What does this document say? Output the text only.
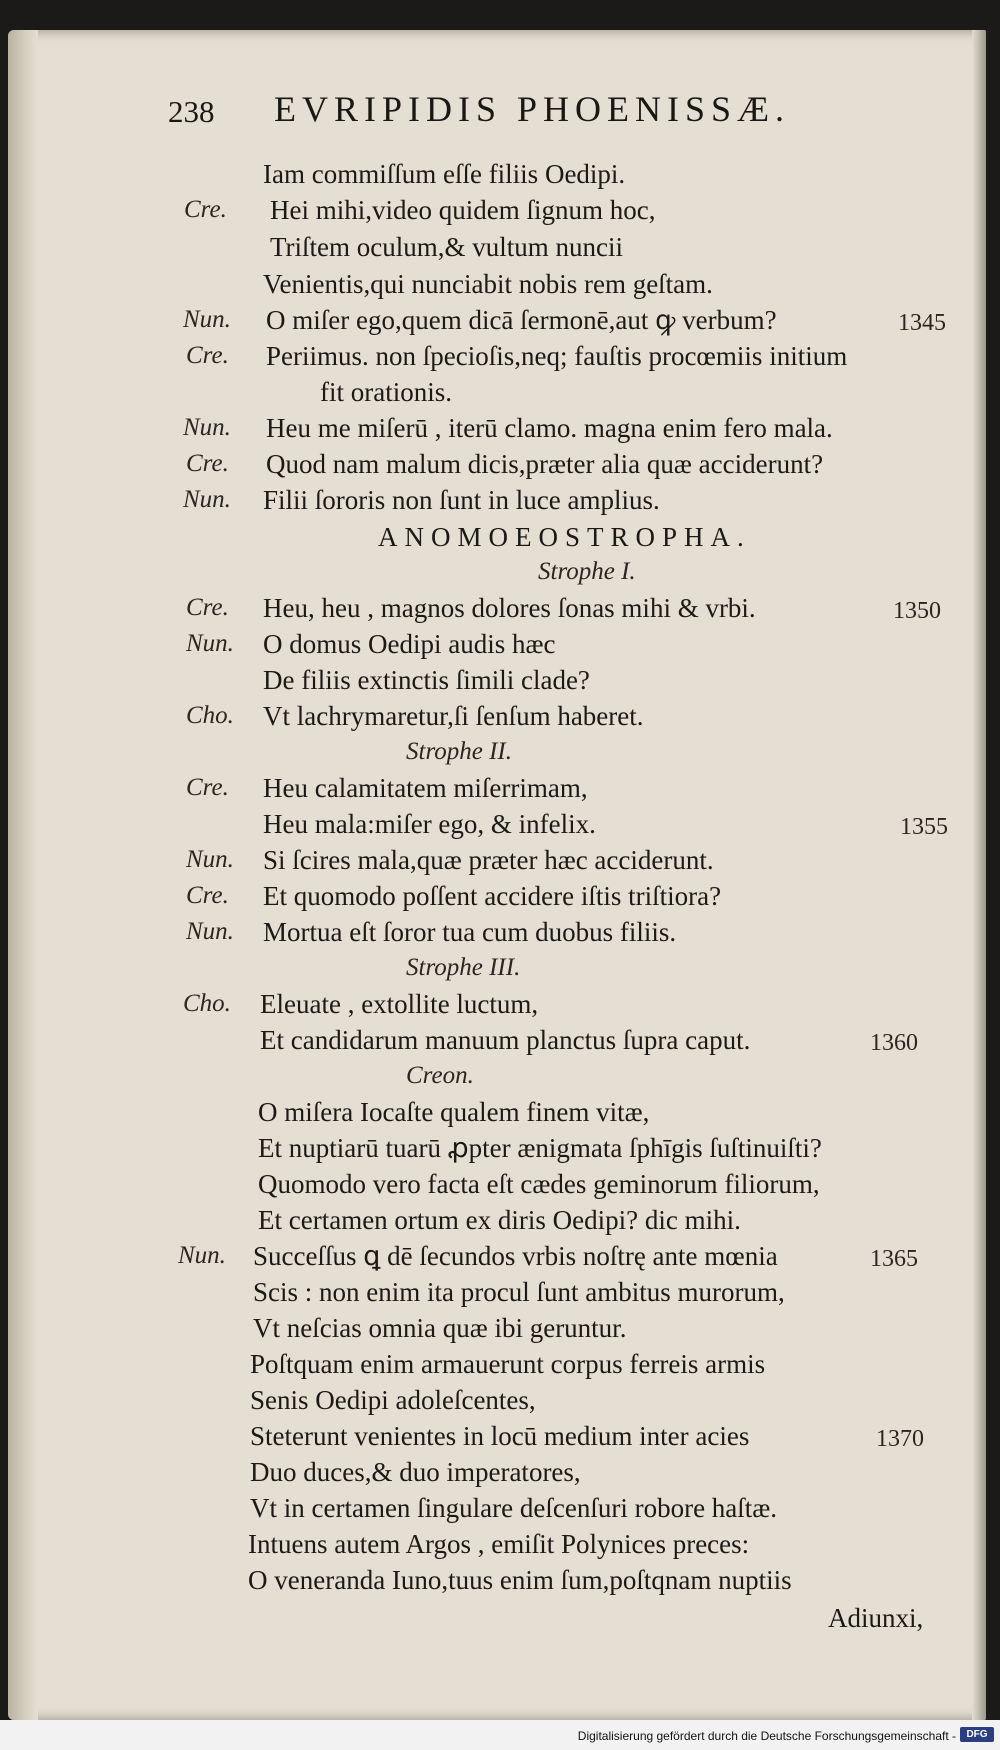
238 EVRIPIDIS PHOENISSÆ.
Iam commiſſum eſſe filiis Oedipi.
Cre. Hei mihi,video quidem ſignum hoc,
Triſtem oculum,& vultum nuncii
Venientis,qui nunciabit nobis rem geſtam.
Nun. O miſer ego,quem dicā ſermonē,aut ꝙ verbum?	1345
Cre. Periimus. non ſpecioſis,neq; fauſtis procœmiis initium
fit orationis.
Nun. Heu me miſerū , iterū clamo. magna enim fero mala.
Cre. Quod nam malum dicis,præter alia quæ acciderunt?
Nun. Filii ſororis non ſunt in luce amplius.
ANOMOEOSTROPHA.
Strophe I.
Cre. Heu, heu , magnos dolores ſonas mihi & vrbi.	1350
Nun. O domus Oedipi audis hæc
De filiis extinctis ſimili clade?
Cho. Vt lachrymaretur,ſi ſenſum haberet.
Strophe II.
Cre. Heu calamitatem miſerrimam,
Heu mala:miſer ego, & infelix.	1355
Nun. Si ſcires mala,quæ præter hæc acciderunt.
Cre. Et quomodo poſſent accidere iſtis triſtiora?
Nun. Mortua eſt ſoror tua cum duobus filiis.
Strophe III.
Cho. Eleuate , extollite luctum,
Et candidarum manuum planctus ſupra caput.	1360
Creon.
O miſera Iocaſte qualem finem vitæ,
Et nuptiarū tuarū ꝓpter ænigmata ſphīgis ſuſtinuiſti?
Quomodo vero facta eſt cædes geminorum filiorum,
Et certamen ortum ex diris Oedipi? dic mihi.
Nun. Succeſſus ꝗ dē ſecundos vrbis noſtrę ante mœnia	1365
Scis : non enim ita procul ſunt ambitus murorum,
Vt neſcias omnia quæ ibi geruntur.
Poſtquam enim armauerunt corpus ferreis armis
Senis Oedipi adoleſcentes,
Steterunt venientes in locū medium inter acies	1370
Duo duces,& duo imperatores,
Vt in certamen ſingulare deſcenſuri robore haſtæ.
Intuens autem Argos , emiſit Polynices preces:
O veneranda Iuno,tuus enim ſum,poſtqnam nuptiis
Adiunxi,
Digitalisierung gefördert durch die Deutsche Forschungsgemeinschaft -	DFG
